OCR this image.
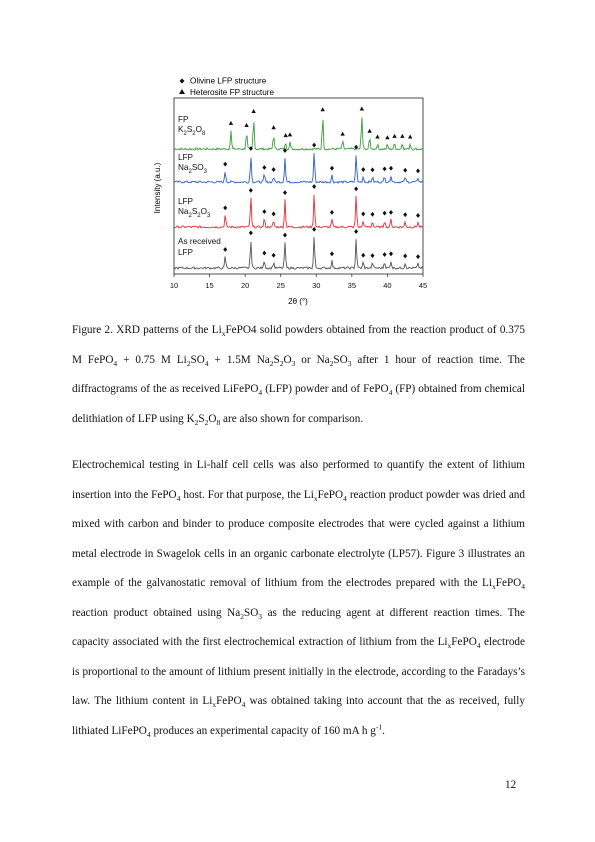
Olivine LFP structure
Heterosite FP structure
FP
$K_2S_2O_8$
LFP
$Na_2SO_3$
LFP
$Na_2S_2O_3$
As received
LFP
10	15	20	25	30	35	40	45
2θ (°)
Intensity (a.u.)

Figure 2. XRD patterns of the $Li_xFePO4$ solid powders obtained from the reaction product of 0.375 M FePO$_4$ + 0.75 M $Li_2SO_4 + 1.5M$ $Na_2S_2O_3$ or $Na_2SO_3$ after 1 hour of reaction time. The diffractograms of the as received LiFePO$_4$ (LFP) powder and of FePO$_4$ (FP) obtained from chemical delithiation of LFP using $K_2S_2O_8$ are also shown for comparison.

Electrochemical testing in Li-half cell cells was also performed to quantify the extent of lithium insertion into the FePO$_4$ host. For that purpose, the $Li_xFePO_4$ reaction product powder was dried and mixed with carbon and binder to produce composite electrodes that were cycled against a lithium metal electrode in Swagelok cells in an organic carbonate electrolyte (LP57). Figure 3 illustrates an example of the galvanostatic removal of lithium from the electrodes prepared with the $Li_xFePO_4$ reaction product obtained using $Na_2SO_3$ as the reducing agent at different reaction times. The capacity associated with the first electrochemical extraction of lithium from the $Li_xFePO_4$ electrode is proportional to the amount of lithium present initially in the electrode, according to the Faradays’s law. The lithium content in $Li_xFePO_4$ was obtained taking into account that the as received, fully lithiated LiFePO$_4$ produces an experimental capacity of 160 mA h $g^{-1}$.

12
